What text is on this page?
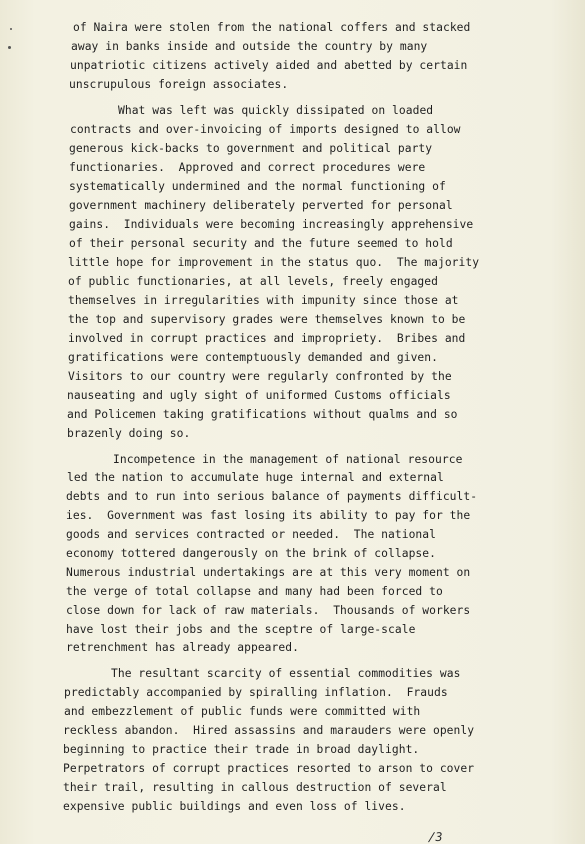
of Naira were stolen from the national coffers and stacked
away in banks inside and outside the country by many
unpatriotic citizens actively aided and abetted by certain
unscrupulous foreign associates.
What was left was quickly dissipated on loaded
contracts and over-invoicing of imports designed to allow
generous kick-backs to government and political party
functionaries.  Approved and correct procedures were
systematically undermined and the normal functioning of
government machinery deliberately perverted for personal
gains.  Individuals were becoming increasingly apprehensive
of their personal security and the future seemed to hold
little hope for improvement in the status quo.  The majority
of public functionaries, at all levels, freely engaged
themselves in irregularities with impunity since those at
the top and supervisory grades were themselves known to be
involved in corrupt practices and impropriety.  Bribes and
gratifications were contemptuously demanded and given.
Visitors to our country were regularly confronted by the
nauseating and ugly sight of uniformed Customs officials
and Policemen taking gratifications without qualms and so
brazenly doing so.
Incompetence in the management of national resource
led the nation to accumulate huge internal and external
debts and to run into serious balance of payments difficult-
ies.  Government was fast losing its ability to pay for the
goods and services contracted or needed.  The national
economy tottered dangerously on the brink of collapse.
Numerous industrial undertakings are at this very moment on
the verge of total collapse and many had been forced to
close down for lack of raw materials.  Thousands of workers
have lost their jobs and the sceptre of large-scale
retrenchment has already appeared.
The resultant scarcity of essential commodities was
predictably accompanied by spiralling inflation.  Frauds
and embezzlement of public funds were committed with
reckless abandon.  Hired assassins and marauders were openly
beginning to practice their trade in broad daylight.
Perpetrators of corrupt practices resorted to arson to cover
their trail, resulting in callous destruction of several
expensive public buildings and even loss of lives.
/3
